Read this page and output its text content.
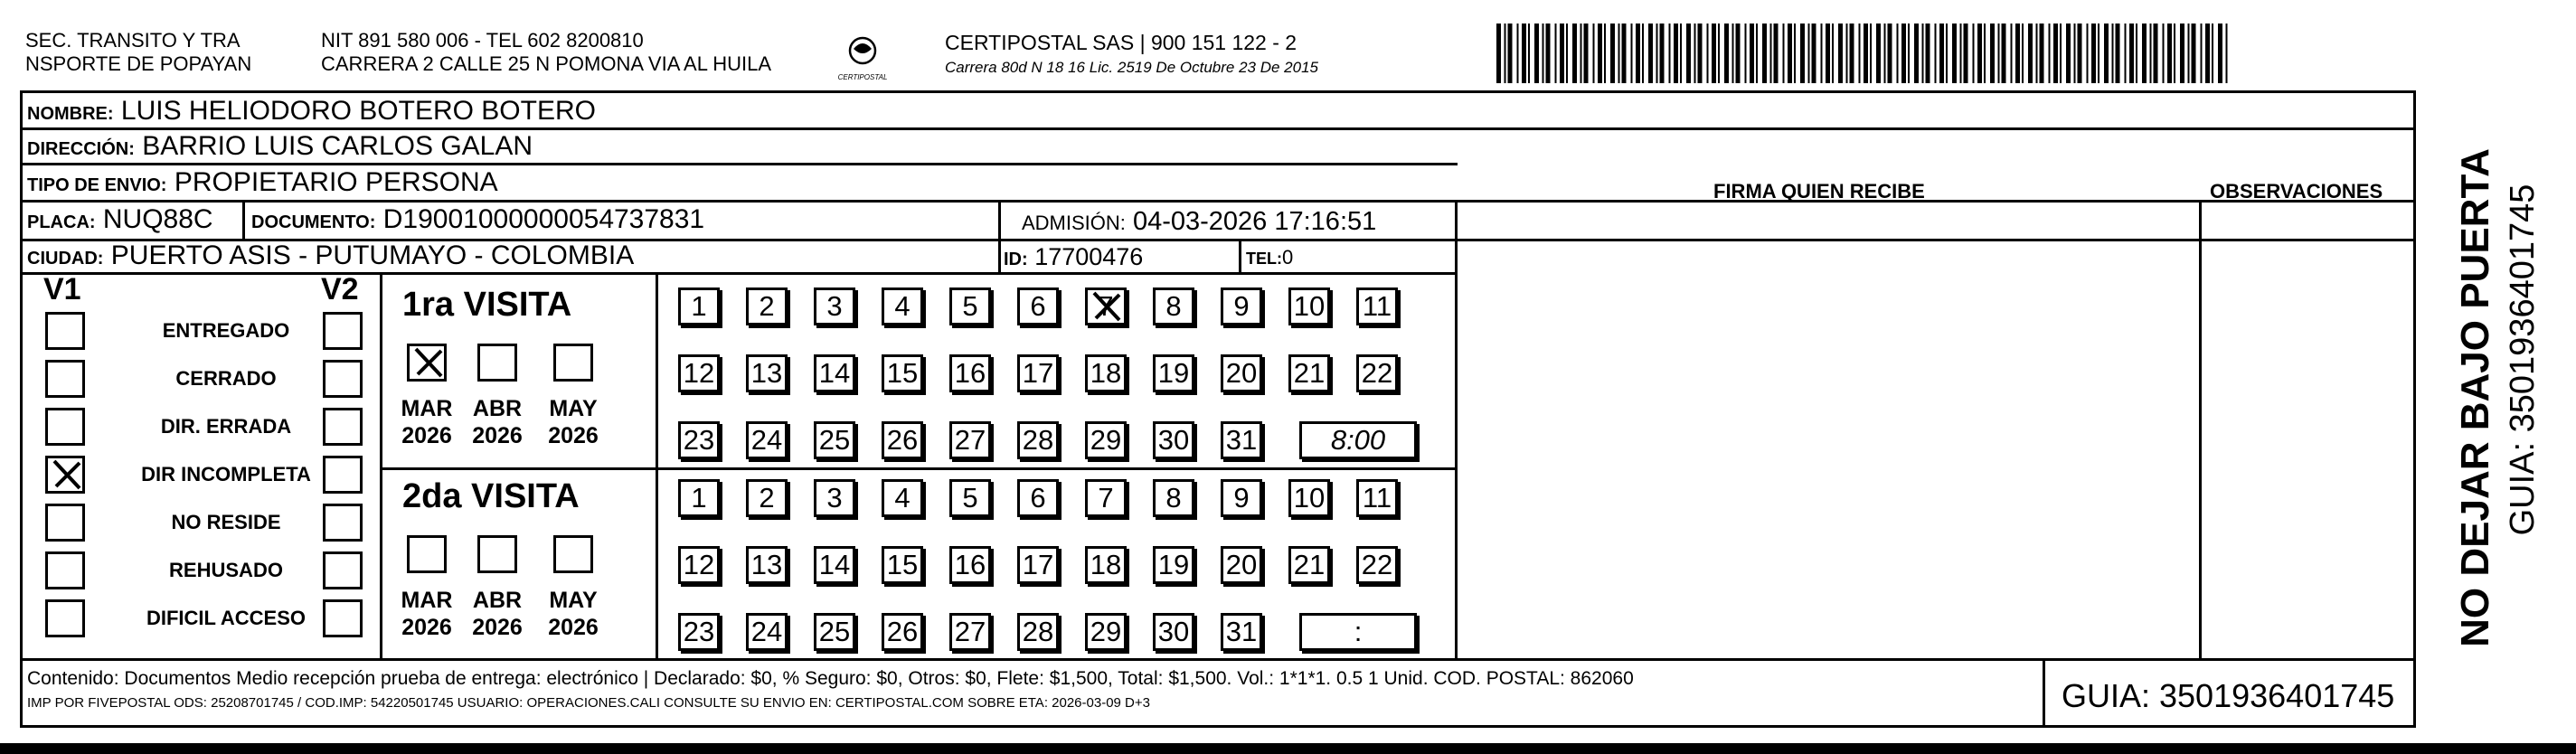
SEC. TRANSITO Y TRA
NSPORTE DE POPAYAN
NIT 891 580 006 - TEL 602 8200810
CARRERA 2 CALLE 25 N POMONA VIA AL HUILA
CERTIPOSTAL
CERTIPOSTAL SAS | 900 151 122 - 2
Carrera 80d N 18 16 Lic. 2519 De Octubre 23 De 2015
NOMBRE: LUIS HELIODORO BOTERO BOTERO
DIRECCIÓN: BARRIO LUIS CARLOS GALAN
TIPO DE ENVIO: PROPIETARIO PERSONA
PLACA: NUQ88C DOCUMENTO: D19001000000054737831	ADMISIÓN: 04-03-2026 17:16:51
CIUDAD: PUERTO ASIS - PUTUMAYO - COLOMBIA	ID: 17700476	TEL:0
FIRMA QUIEN RECIBE	OBSERVACIONES
V1	V2
ENTREGADO
CERRADO
DIR. ERRADA
DIR INCOMPLETA
NO RESIDE
REHUSADO
DIFICIL ACCESO
1ra VISITA
MAR
2026
ABR
2026
MAY
2026
1	2	3	4	5	6	7	8	9	10 11
12 13 14 15 16 17 18 19 20 21 22
23 24 25 26 27 28 29 30 31	8:00
2da VISITA
MAR
2026
ABR
2026
MAY
2026
1	2	3	4	5	6	7	8	9	10 11
12 13 14 15 16 17 18 19 20 21 22
23 24 25 26 27 28 29 30 31	:
Contenido: Documentos Medio recepción prueba de entrega: electrónico | Declarado: $0, % Seguro: $0, Otros: $0, Flete: $1,500, Total: $1,500. Vol.: 1*1*1. 0.5 1 Unid. COD. POSTAL: 862060
IMP POR FIVEPOSTAL ODS: 25208701745 / COD.IMP: 54220501745 USUARIO: OPERACIONES.CALI CONSULTE SU ENVIO EN: CERTIPOSTAL.COM SOBRE ETA: 2026-03-09 D+3	GUIA: 3501936401745
NO DEJAR BAJO PUERTA GUIA: 3501936401745
